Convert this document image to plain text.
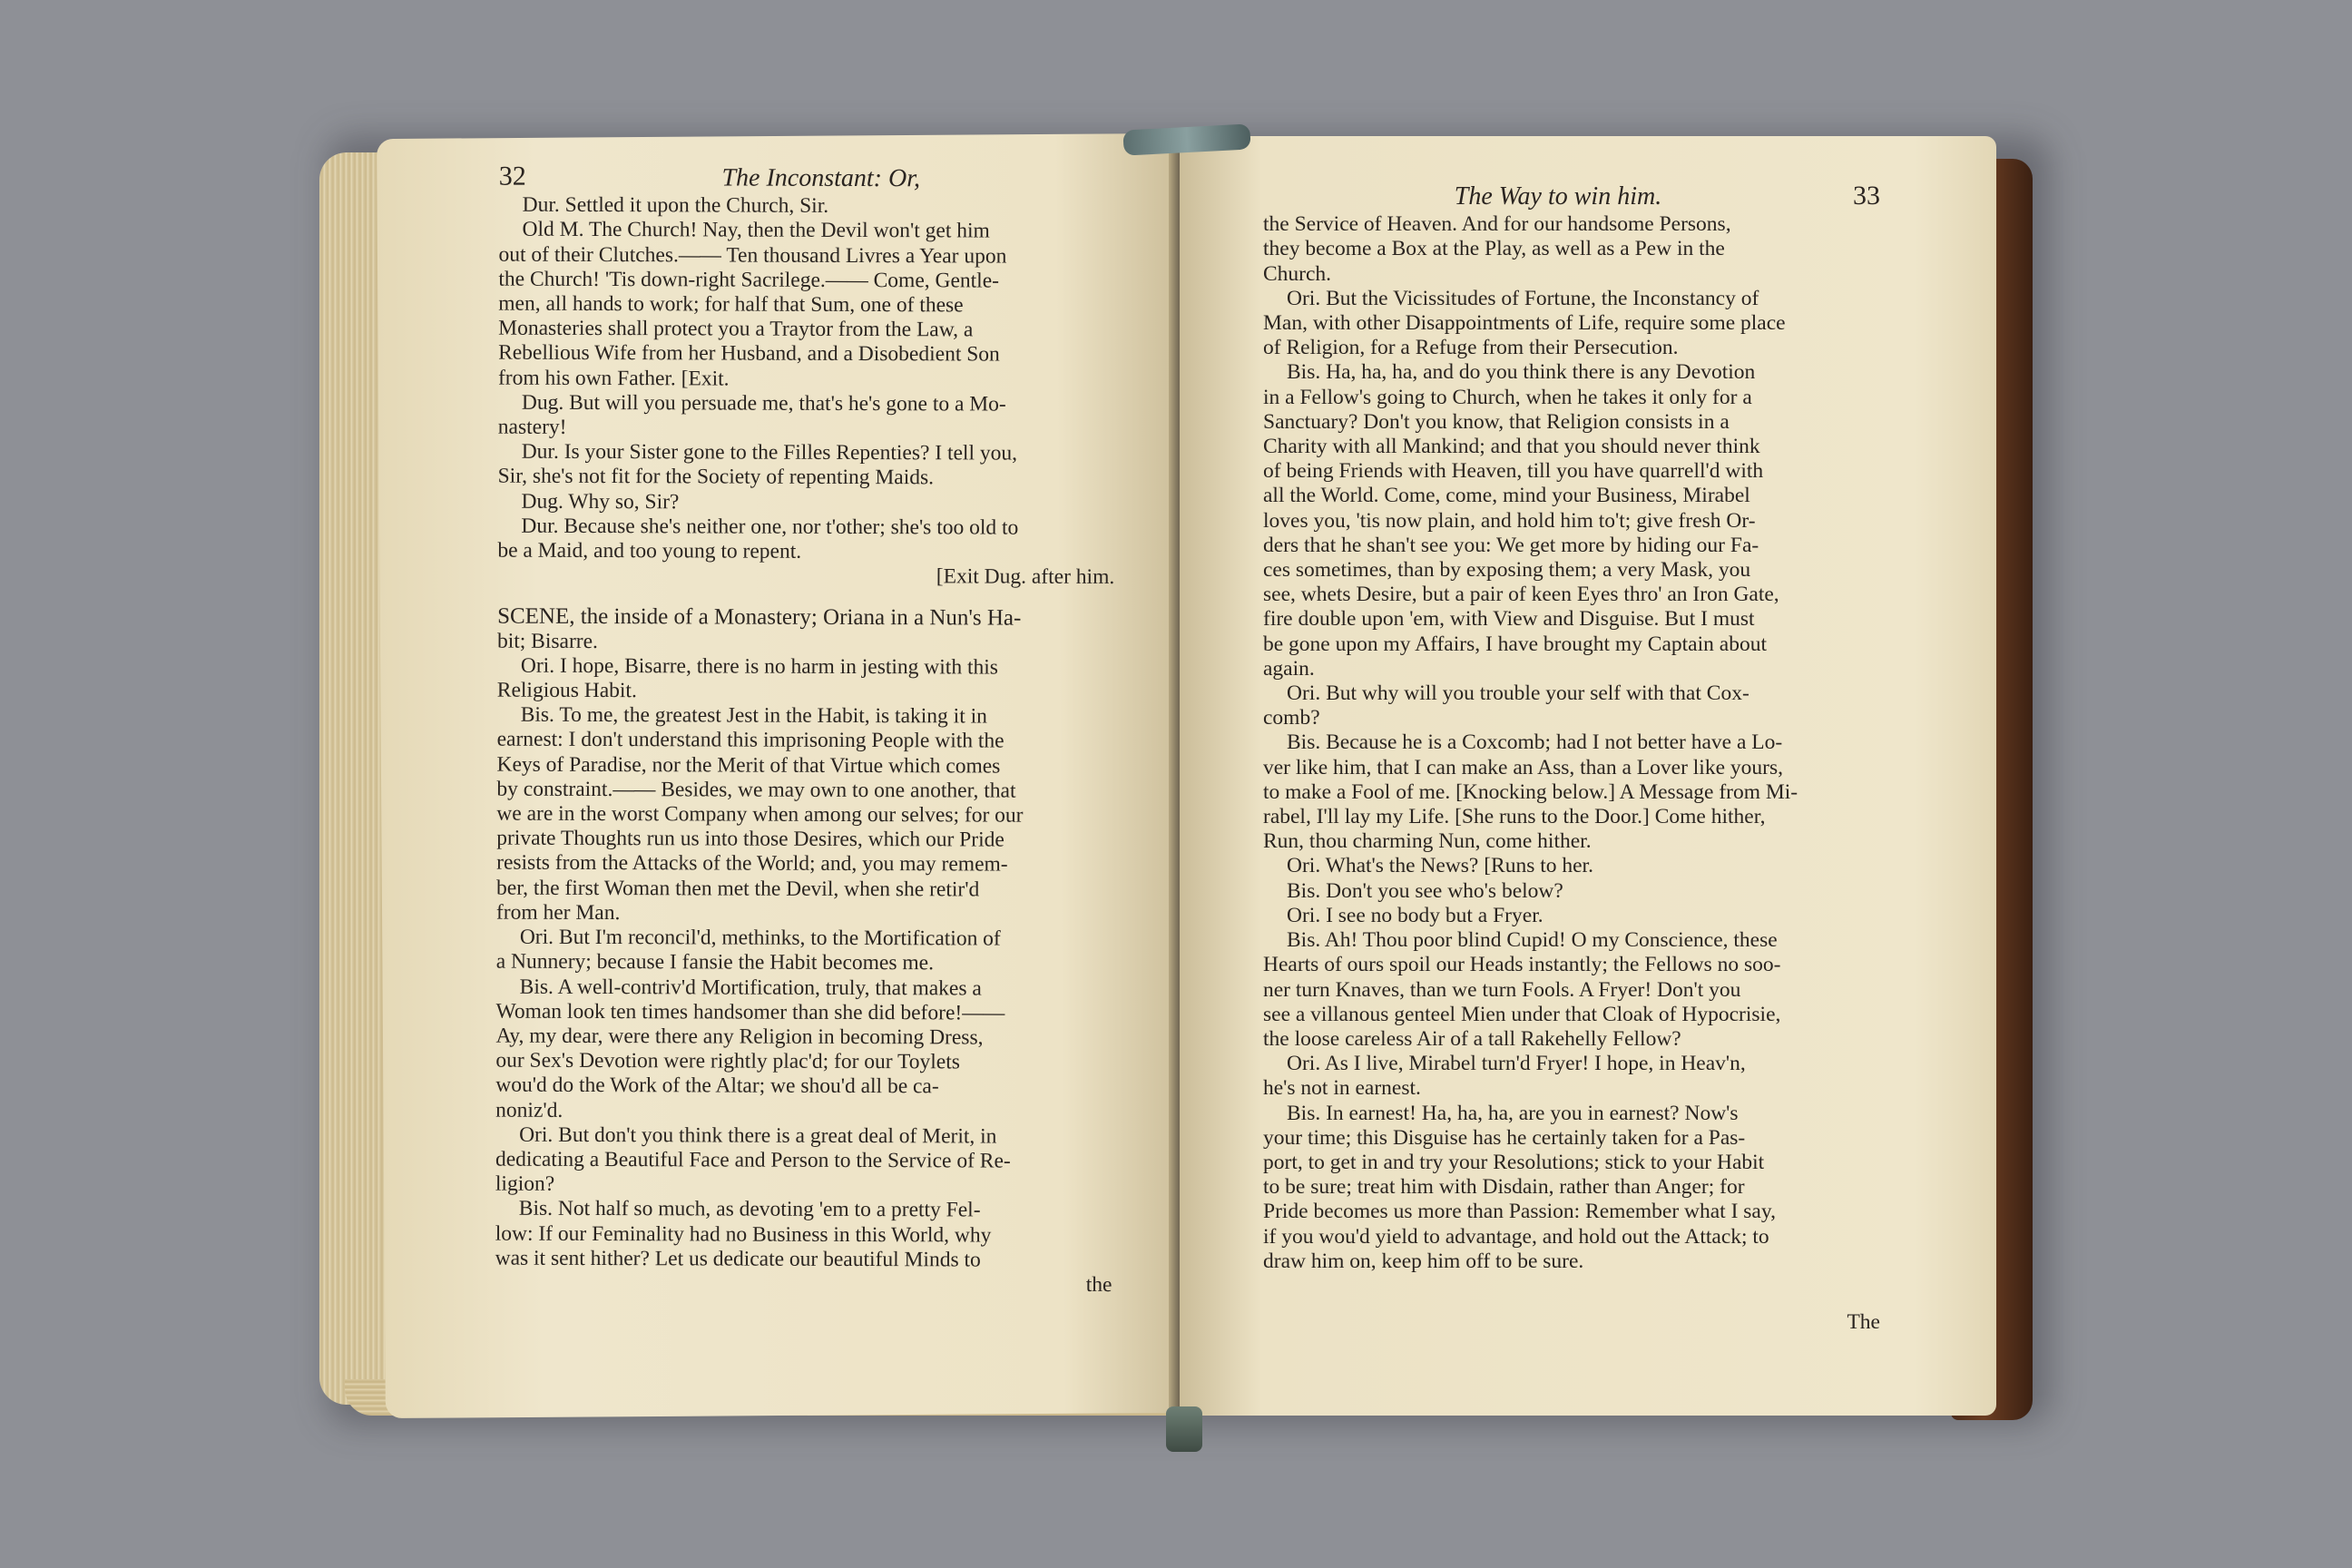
32	The Inconstant: Or,
Dur. Settled it upon the Church, Sir.
Old M. The Church! Nay, then the Devil won't get him
out of their Clutches.—— Ten thousand Livres a Year upon
the Church! 'Tis down-right Sacrilege.—— Come, Gentle-
men, all hands to work; for half that Sum, one of these
Monasteries shall protect you a Traytor from the Law, a
Rebellious Wife from her Husband, and a Disobedient Son
from his own Father. [Exit.
Dug. But will you persuade me, that's he's gone to a Mo-
nastery!
Dur. Is your Sister gone to the Filles Repenties? I tell you,
Sir, she's not fit for the Society of repenting Maids.
Dug. Why so, Sir?
Dur. Because she's neither one, nor t'other; she's too old to
be a Maid, and too young to repent.
[Exit Dug. after him.
SCENE, the inside of a Monastery; Oriana in a Nun's Ha-
bit; Bisarre.
Ori. I hope, Bisarre, there is no harm in jesting with this
Religious Habit.
Bis. To me, the greatest Jest in the Habit, is taking it in
earnest: I don't understand this imprisoning People with the
Keys of Paradise, nor the Merit of that Virtue which comes
by constraint.—— Besides, we may own to one another, that
we are in the worst Company when among our selves; for our
private Thoughts run us into those Desires, which our Pride
resists from the Attacks of the World; and, you may remem-
ber, the first Woman then met the Devil, when she retir'd
from her Man.
Ori. But I'm reconcil'd, methinks, to the Mortification of
a Nunnery; because I fansie the Habit becomes me.
Bis. A well-contriv'd Mortification, truly, that makes a
Woman look ten times handsomer than she did before!——
Ay, my dear, were there any Religion in becoming Dress,
our Sex's Devotion were rightly plac'd; for our Toylets
wou'd do the Work of the Altar; we shou'd all be ca-
noniz'd.
Ori. But don't you think there is a great deal of Merit, in
dedicating a Beautiful Face and Person to the Service of Re-
ligion?
Bis. Not half so much, as devoting 'em to a pretty Fel-
low: If our Feminality had no Business in this World, why
was it sent hither? Let us dedicate our beautiful Minds to
the
The Way to win him.	33
the Service of Heaven. And for our handsome Persons,
they become a Box at the Play, as well as a Pew in the
Church.
Ori. But the Vicissitudes of Fortune, the Inconstancy of
Man, with other Disappointments of Life, require some place
of Religion, for a Refuge from their Persecution.
Bis. Ha, ha, ha, and do you think there is any Devotion
in a Fellow's going to Church, when he takes it only for a
Sanctuary? Don't you know, that Religion consists in a
Charity with all Mankind; and that you should never think
of being Friends with Heaven, till you have quarrell'd with
all the World. Come, come, mind your Business, Mirabel
loves you, 'tis now plain, and hold him to't; give fresh Or-
ders that he shan't see you: We get more by hiding our Fa-
ces sometimes, than by exposing them; a very Mask, you
see, whets Desire, but a pair of keen Eyes thro' an Iron Gate,
fire double upon 'em, with View and Disguise. But I must
be gone upon my Affairs, I have brought my Captain about
again.
Ori. But why will you trouble your self with that Cox-
comb?
Bis. Because he is a Coxcomb; had I not better have a Lo-
ver like him, that I can make an Ass, than a Lover like yours,
to make a Fool of me. [Knocking below.] A Message from Mi-
rabel, I'll lay my Life. [She runs to the Door.] Come hither,
Run, thou charming Nun, come hither.
Ori. What's the News? [Runs to her.
Bis. Don't you see who's below?
Ori. I see no body but a Fryer.
Bis. Ah! Thou poor blind Cupid! O my Conscience, these
Hearts of ours spoil our Heads instantly; the Fellows no soo-
ner turn Knaves, than we turn Fools. A Fryer! Don't you
see a villanous genteel Mien under that Cloak of Hypocrisie,
the loose careless Air of a tall Rakehelly Fellow?
Ori. As I live, Mirabel turn'd Fryer! I hope, in Heav'n,
he's not in earnest.
Bis. In earnest! Ha, ha, ha, are you in earnest? Now's
your time; this Disguise has he certainly taken for a Pas-
port, to get in and try your Resolutions; stick to your Habit
to be sure; treat him with Disdain, rather than Anger; for
Pride becomes us more than Passion: Remember what I say,
if you wou'd yield to advantage, and hold out the Attack; to
draw him on, keep him off to be sure.
The
